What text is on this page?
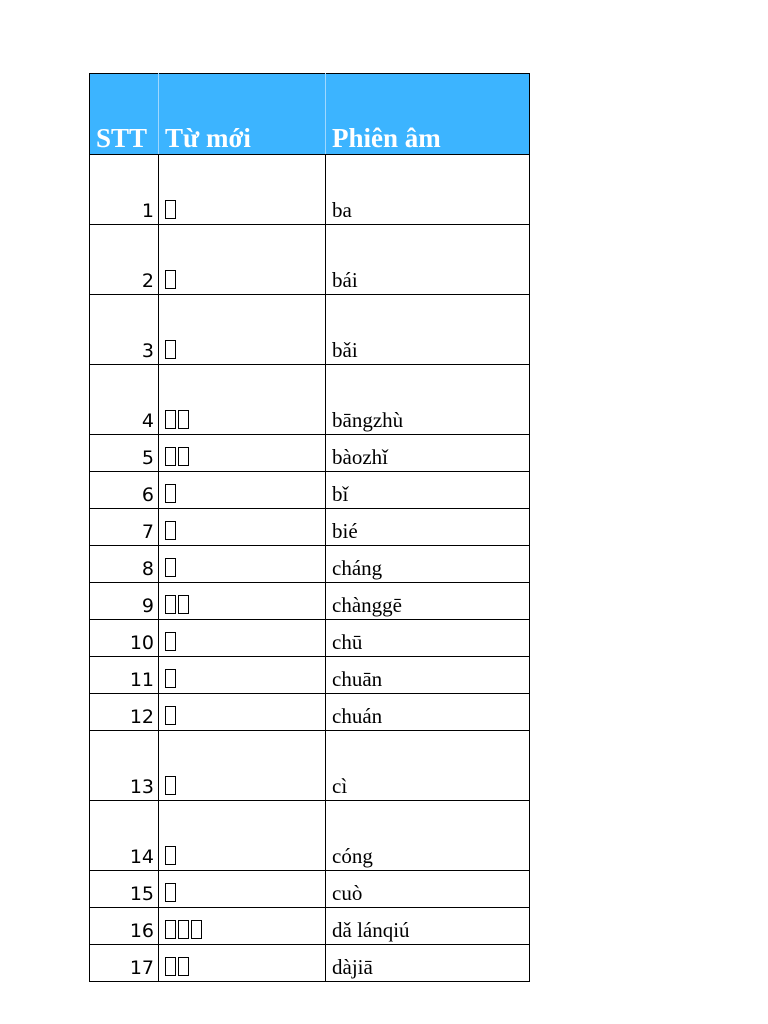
STT	Từ mới	Phiên âm
1		ba
2		bái
3		bǎi
4		bāngzhù
5		bàozhǐ
6		bǐ
7		bié
8		cháng
9		chànggē
10		chū
11		chuān
12		chuán
13		cì
14		cóng
15		cuò
16		dǎ lánqiú
17		dàjiā
